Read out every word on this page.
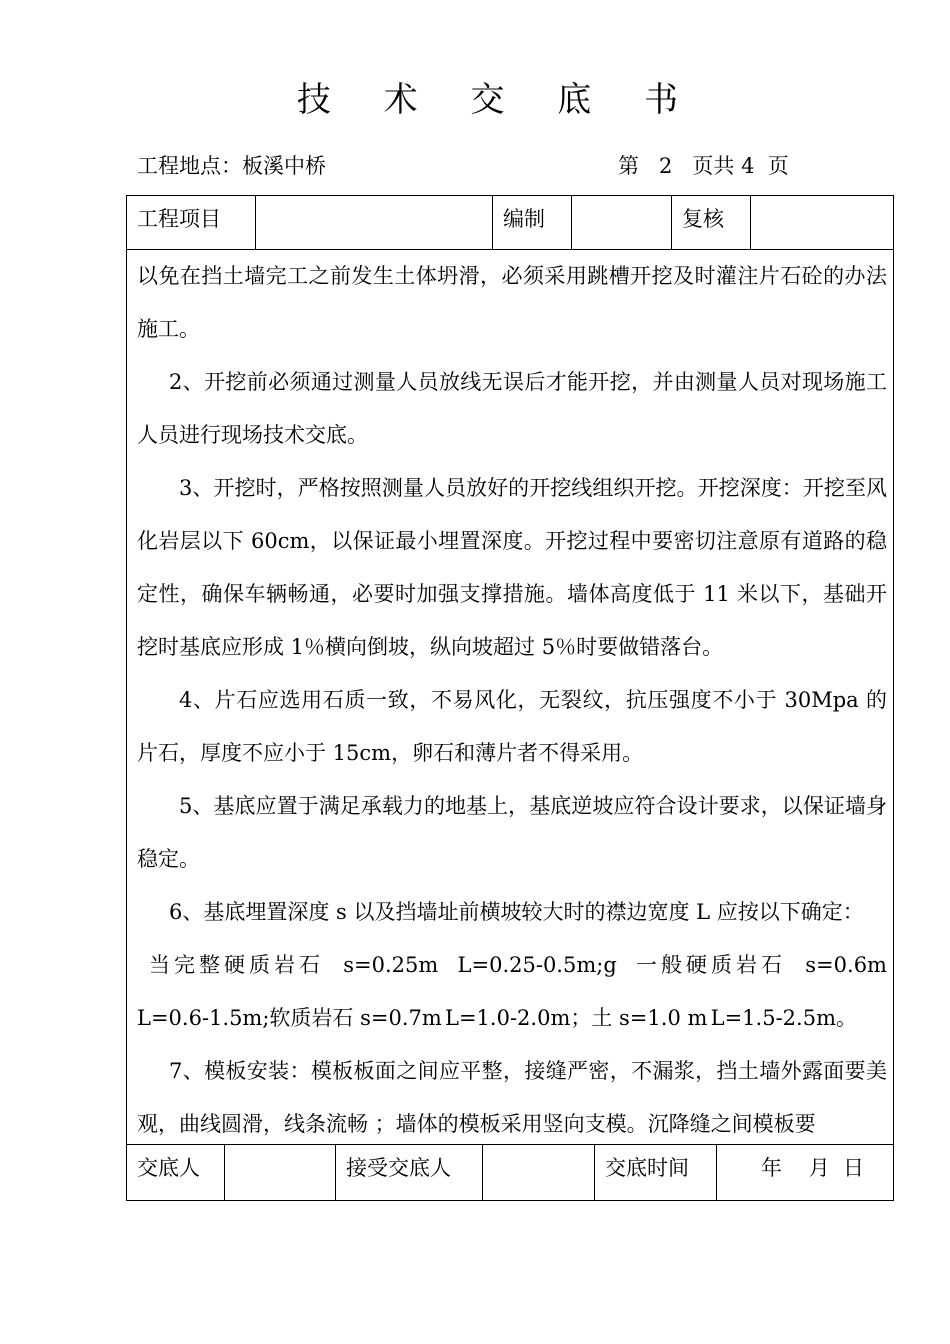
技 术 交 底 书
工程地点：板溪中桥	第   2   页共 4  页
工程项目	编制	复核

以免在挡土墙完工之前发生土体坍滑，必须采用跳槽开挖及时灌注片石砼的办法施工。

2、开挖前必须通过测量人员放线无误后才能开挖，并由测量人员对现场施工人员进行现场技术交底。

3、开挖时，严格按照测量人员放好的开挖线组织开挖。开挖深度：开挖至风化岩层以下 60cm，以保证最小埋置深度。开挖过程中要密切注意原有道路的稳定性，确保车辆畅通，必要时加强支撑措施。墙体高度低于 11 米以下，基础开挖时基底应形成 1％横向倒坡，纵向坡超过 5％时要做错落台。

4、片石应选用石质一致，不易风化，无裂纹，抗压强度不小于 30Mpa 的片石，厚度不应小于 15cm，卵石和薄片者不得采用。

5、基底应置于满足承载力的地基上，基底逆坡应符合设计要求，以保证墙身稳定。

6、基底埋置深度 s 以及挡墙址前横坡较大时的襟边宽度 L 应按以下确定：

当完整硬质岩石 s=0.25m L=0.25-0.5m;g 一般硬质岩石 s=0.6m
L=0.6-1.5m;软质岩石 s=0.7m L=1.0-2.0m；土 s=1.0 m L=1.5-2.5m。

7、模板安装：模板板面之间应平整，接缝严密，不漏浆，挡土墙外露面要美观，曲线圆滑，线条流畅 ；墙体的模板采用竖向支模。沉降缝之间模板要

交底人	接受交底人	交底时间	年    月  日
